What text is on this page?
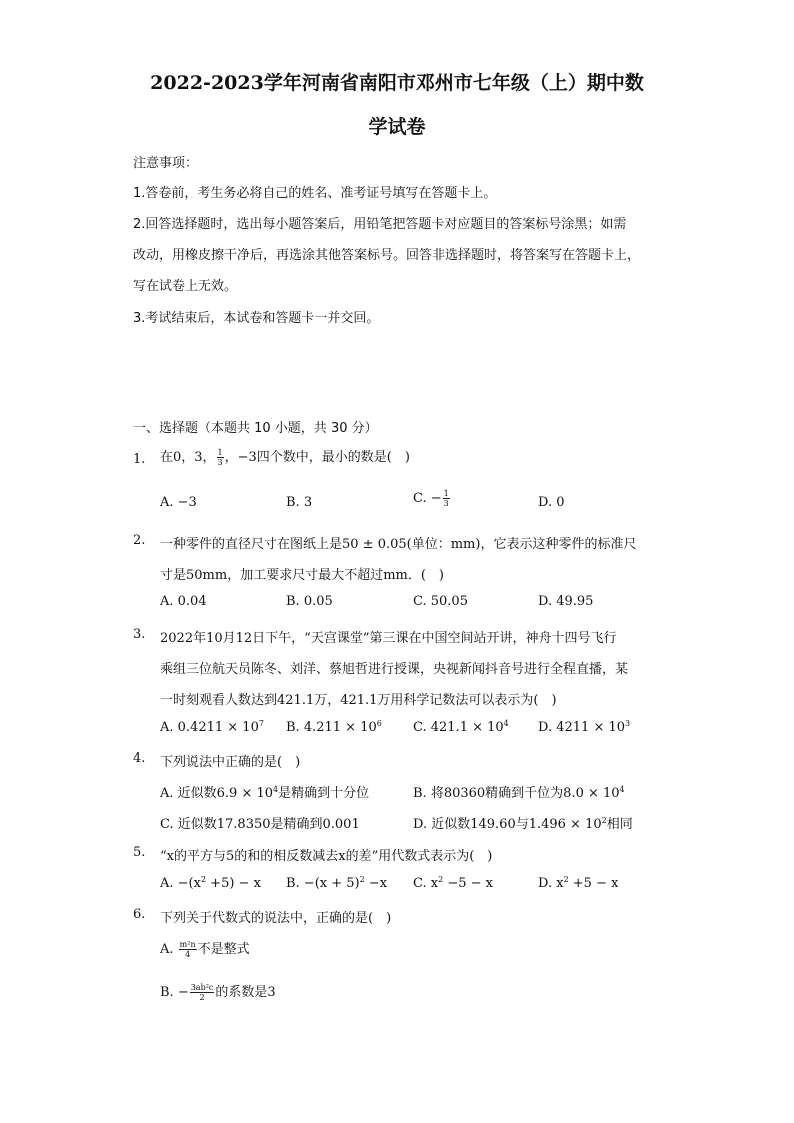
2022-2023学年河南省南阳市邓州市七年级（上）期中数
学试卷
注意事项：
1.答卷前，考生务必将自己的姓名、准考证号填写在答题卡上。
2.回答选择题时，选出每小题答案后，用铅笔把答题卡对应题目的答案标号涂黑；如需
改动，用橡皮擦干净后，再选涂其他答案标号。回答非选择题时，将答案写在答题卡上，
写在试卷上无效。
3.考试结束后，本试卷和答题卡一并交回。
一、选择题（本题共 10 小题，共 30 分）
1. 在0，3， $\frac{1}{3}$ ，−3四个数中，最小的数是(　)
A. −3	B. 3	C. − $\frac{1}{3}$	D. 0
2. 一种零件的直径尺寸在图纸上是50 ± 0.05(单位：mm)，它表示这种零件的标准尺
寸是50mm，加工要求尺寸最大不超过mm．(　)
A. 0.04	B. 0.05	C. 50.05	D. 49.95
3. 2022年10月12日下午，“天宫课堂”第三课在中国空间站开讲，神舟十四号飞行
乘组三位航天员陈冬、刘洋、蔡旭哲进行授课，央视新闻抖音号进行全程直播，某
一时刻观看人数达到421.1万，421.1万用科学记数法可以表示为(　)
A. $0.4211 \times 10^7$ B. $4.211 \times 10^6$ C. $421.1 \times 10^4$ D. $4211 \times 10^3$
4. 下列说法中正确的是(　)
A. 近似数$6.9 \times 10^4$是精确到十分位	B. 将80360精确到千位为$8.0 \times 10^4$
C. 近似数17.8350是精确到0.001	D. 近似数149.60与$1.496 \times 10^2$相同
5. “x的平方与5的和的相反数减去x的差”用代数式表示为(　)
A. $-(x^2 +5) - x$ B. $-(x + 5)^2 -x$ C. $x^2 -5 - x$	D. $x^2 +5 - x$
6. 下列关于代数式的说法中，正确的是(　)
A. $\frac{\text{m²n}}{4}$ 不是整式
B. − $\frac{\text{3ab²c}}{2}$ 的系数是3
